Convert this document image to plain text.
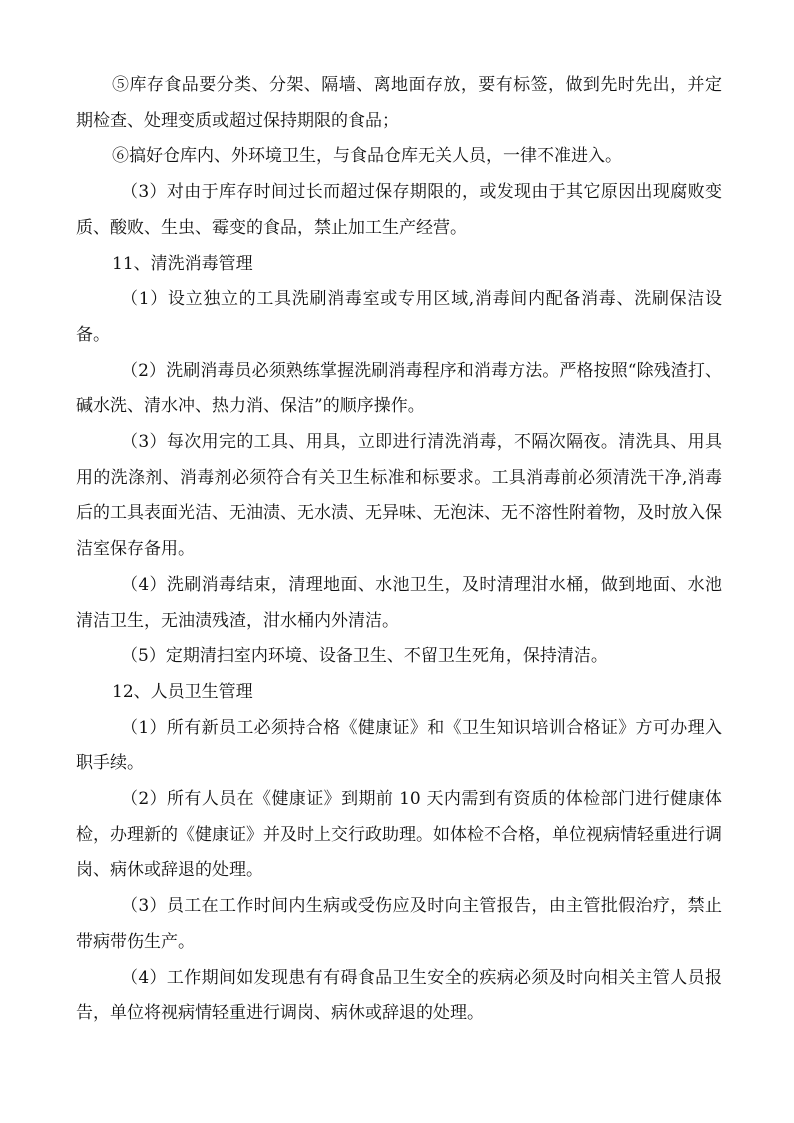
⑤库存食品要分类、分架、隔墙、离地面存放，要有标签，做到先时先出，并定期检查、处理变质或超过保持期限的食品；

⑥搞好仓库内、外环境卫生，与食品仓库无关人员，一律不准进入。

（3）对由于库存时间过长而超过保存期限的，或发现由于其它原因出现腐败变质、酸败、生虫、霉变的食品，禁止加工生产经营。

11、清洗消毒管理

（1）设立独立的工具洗刷消毒室或专用区域,消毒间内配备消毒、洗刷保洁设备。

（2）洗刷消毒员必须熟练掌握洗刷消毒程序和消毒方法。严格按照“除残渣打、碱水洗、清水冲、热力消、保洁”的顺序操作。

（3）每次用完的工具、用具，立即进行清洗消毒，不隔次隔夜。清洗具、用具用的洗涤剂、消毒剂必须符合有关卫生标准和标要求。工具消毒前必须清洗干净,消毒后的工具表面光洁、无油渍、无水渍、无异味、无泡沫、无不溶性附着物，及时放入保洁室保存备用。

（4）洗刷消毒结束，清理地面、水池卫生，及时清理泔水桶，做到地面、水池清洁卫生，无油渍残渣，泔水桶内外清洁。

（5）定期清扫室内环境、设备卫生、不留卫生死角，保持清洁。

12、人员卫生管理

（1）所有新员工必须持合格《健康证》和《卫生知识培训合格证》方可办理入职手续。

（2）所有人员在《健康证》到期前 10 天内需到有资质的体检部门进行健康体检，办理新的《健康证》并及时上交行政助理。如体检不合格，单位视病情轻重进行调岗、病休或辞退的处理。

（3）员工在工作时间内生病或受伤应及时向主管报告，由主管批假治疗，禁止带病带伤生产。

（4）工作期间如发现患有有碍食品卫生安全的疾病必须及时向相关主管人员报告，单位将视病情轻重进行调岗、病休或辞退的处理。
